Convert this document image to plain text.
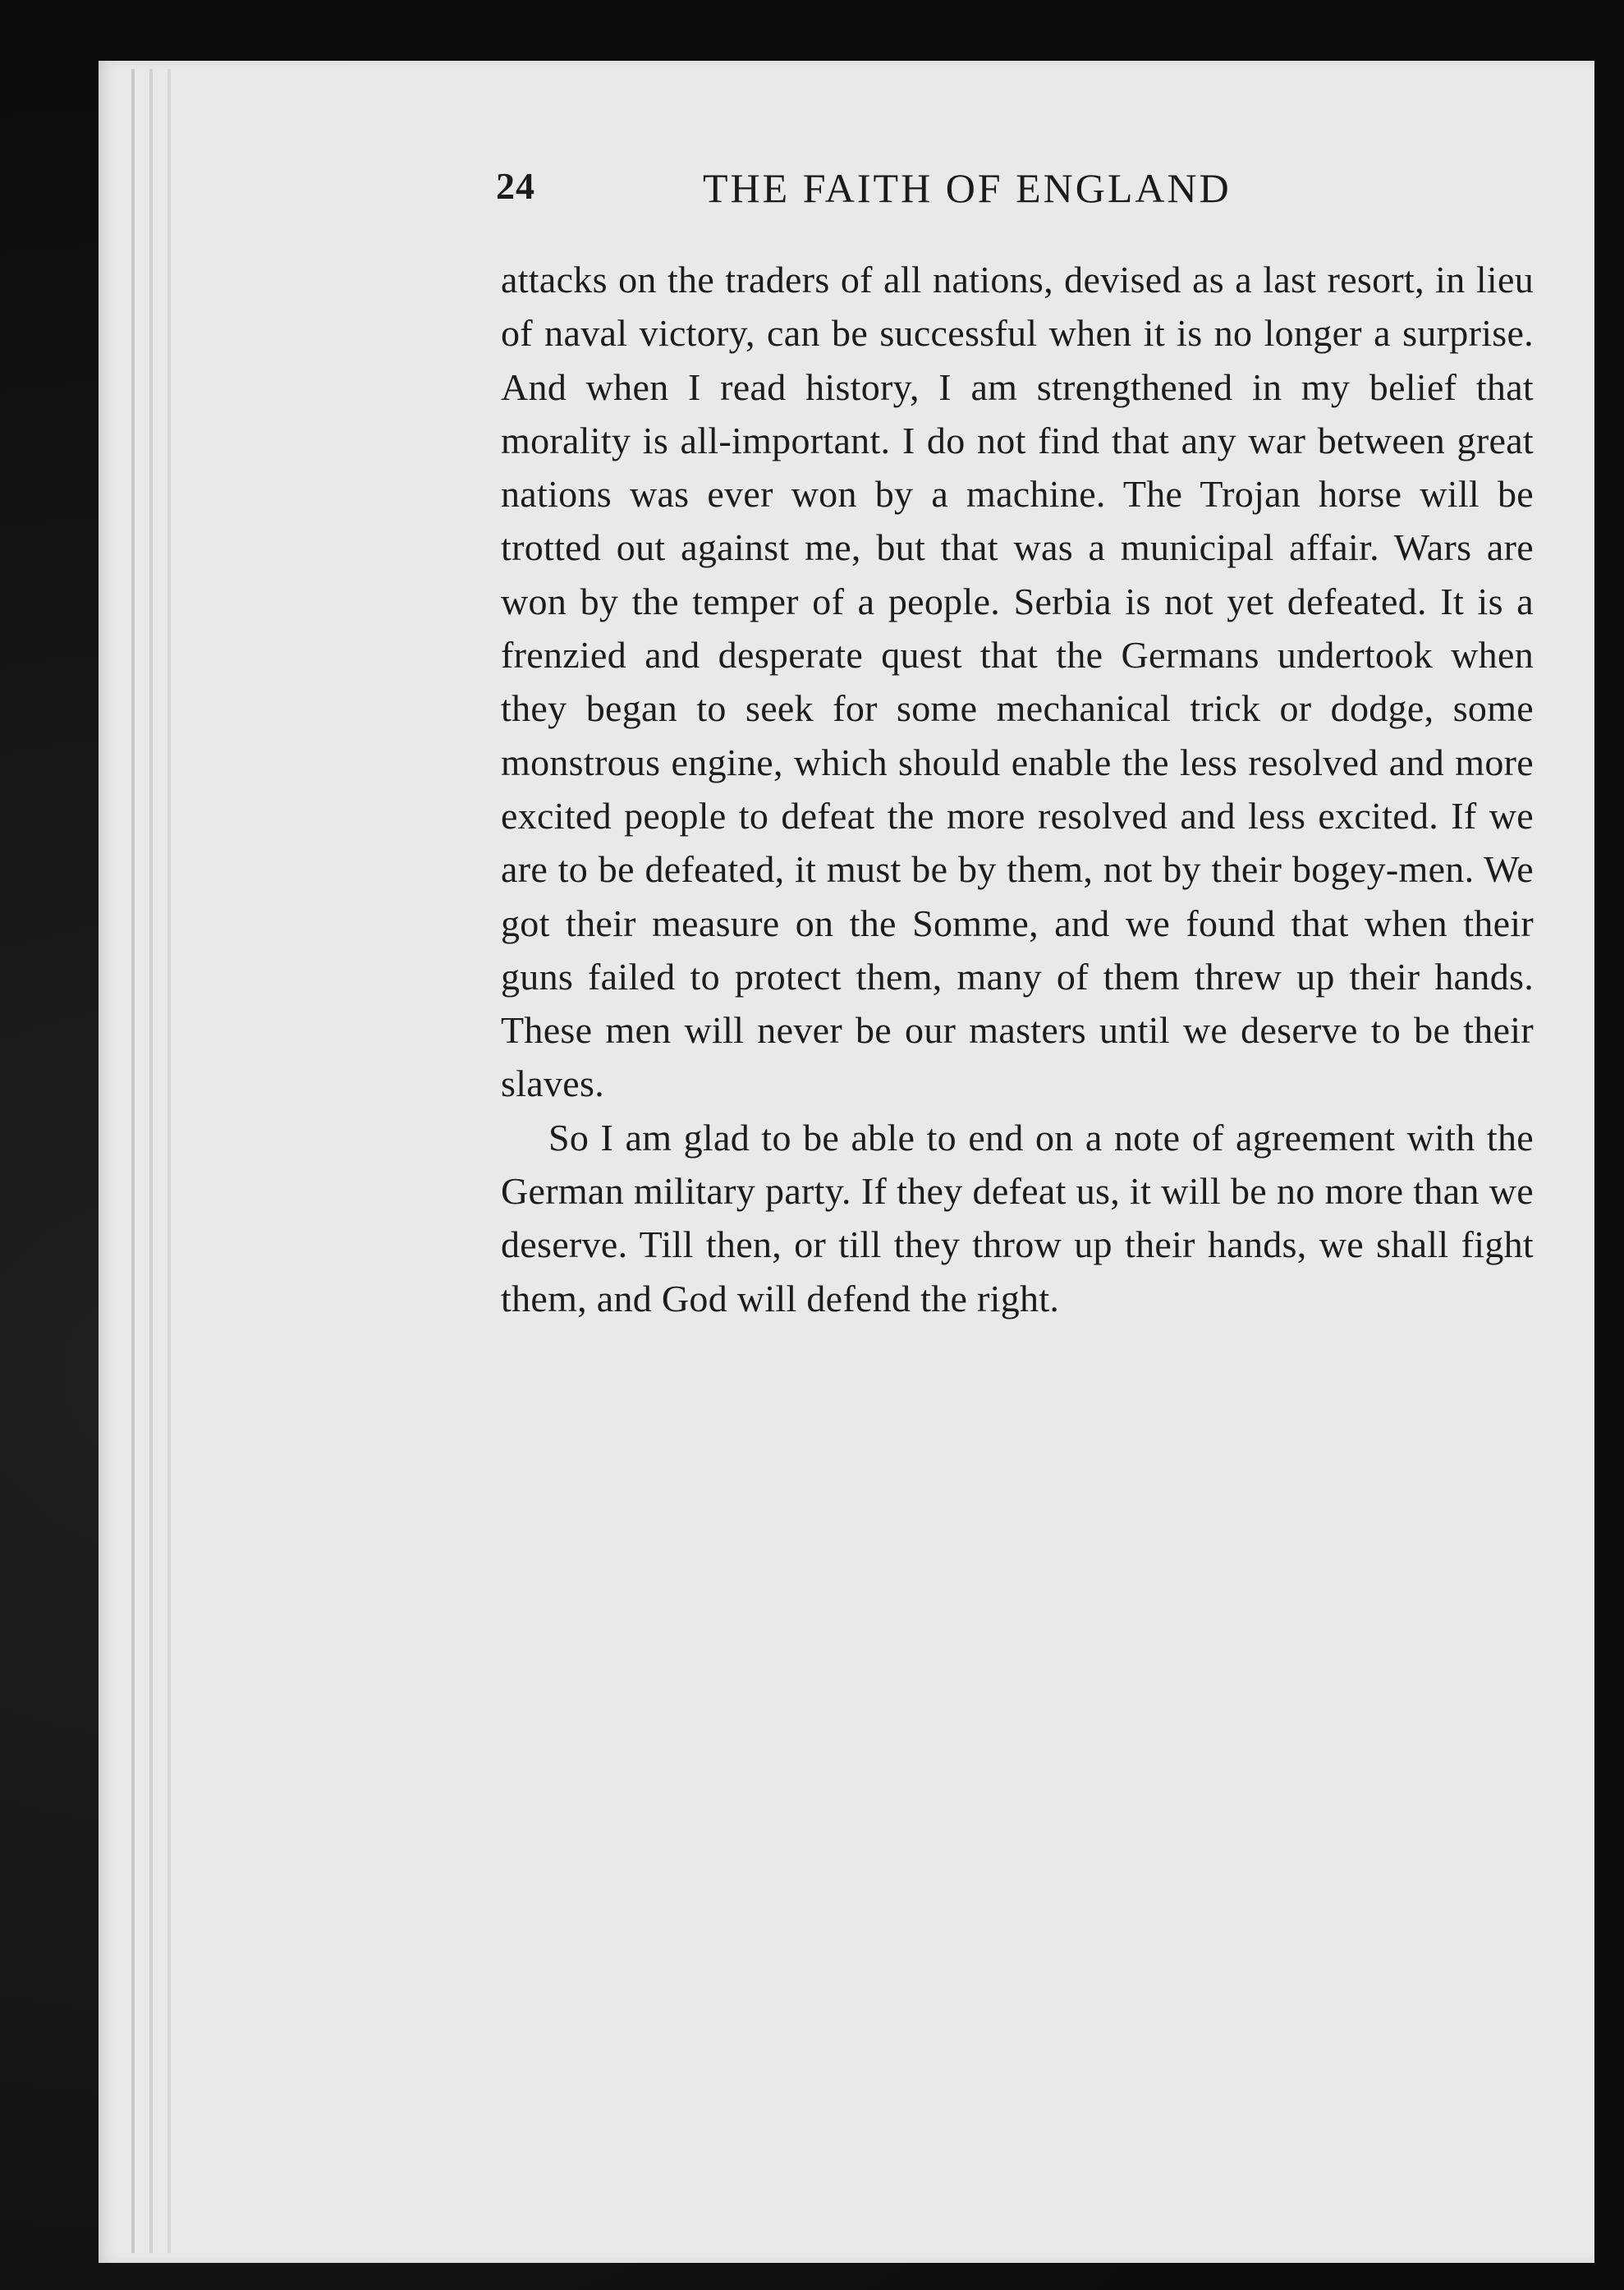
24	THE FAITH OF ENGLAND

attacks on the traders of all nations, devised as a last resort, in lieu of naval victory, can be successful when it is no longer a surprise. And when I read history, I am strengthened in my belief that morality is all-important. I do not find that any war between great nations was ever won by a machine. The Trojan horse will be trotted out against me, but that was a municipal affair. Wars are won by the temper of a people. Serbia is not yet defeated. It is a frenzied and desperate quest that the Germans undertook when they began to seek for some mechanical trick or dodge, some monstrous engine, which should enable the less resolved and more excited people to defeat the more resolved and less excited. If we are to be defeated, it must be by them, not by their bogey-men. We got their measure on the Somme, and we found that when their guns failed to protect them, many of them threw up their hands. These men will never be our masters until we deserve to be their slaves.

So I am glad to be able to end on a note of agreement with the German military party. If they defeat us, it will be no more than we deserve. Till then, or till they throw up their hands, we shall fight them, and God will defend the right.
